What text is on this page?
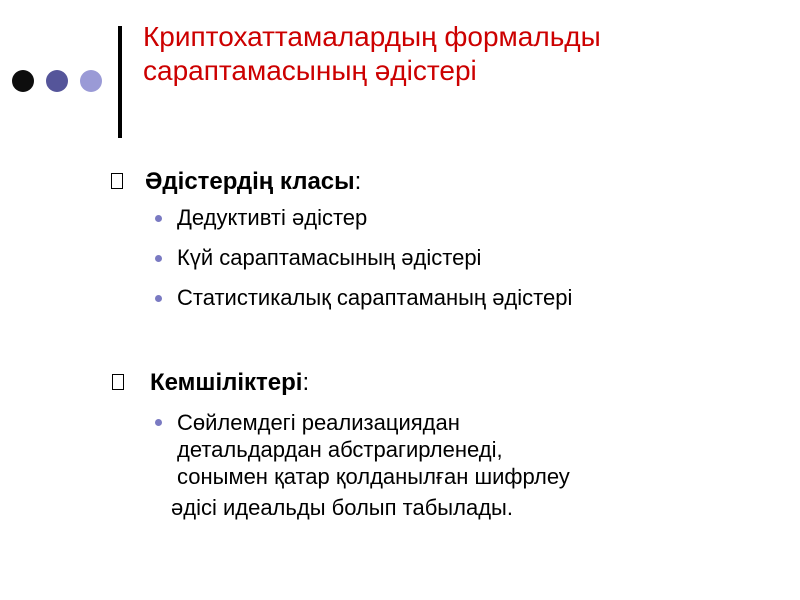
Криптохаттамалардың формальды
сараптамасының әдістері
Әдістердің класы:
Дедуктивті әдістер
Күй сараптамасының әдістері
Статистикалық сараптаманың әдістері
Кемшіліктері:
Сөйлемдегі реализациядан
детальдардан абстрагирленеді,
сонымен қатар қолданылған шифрлеу
әдісі идеальды болып табылады.
